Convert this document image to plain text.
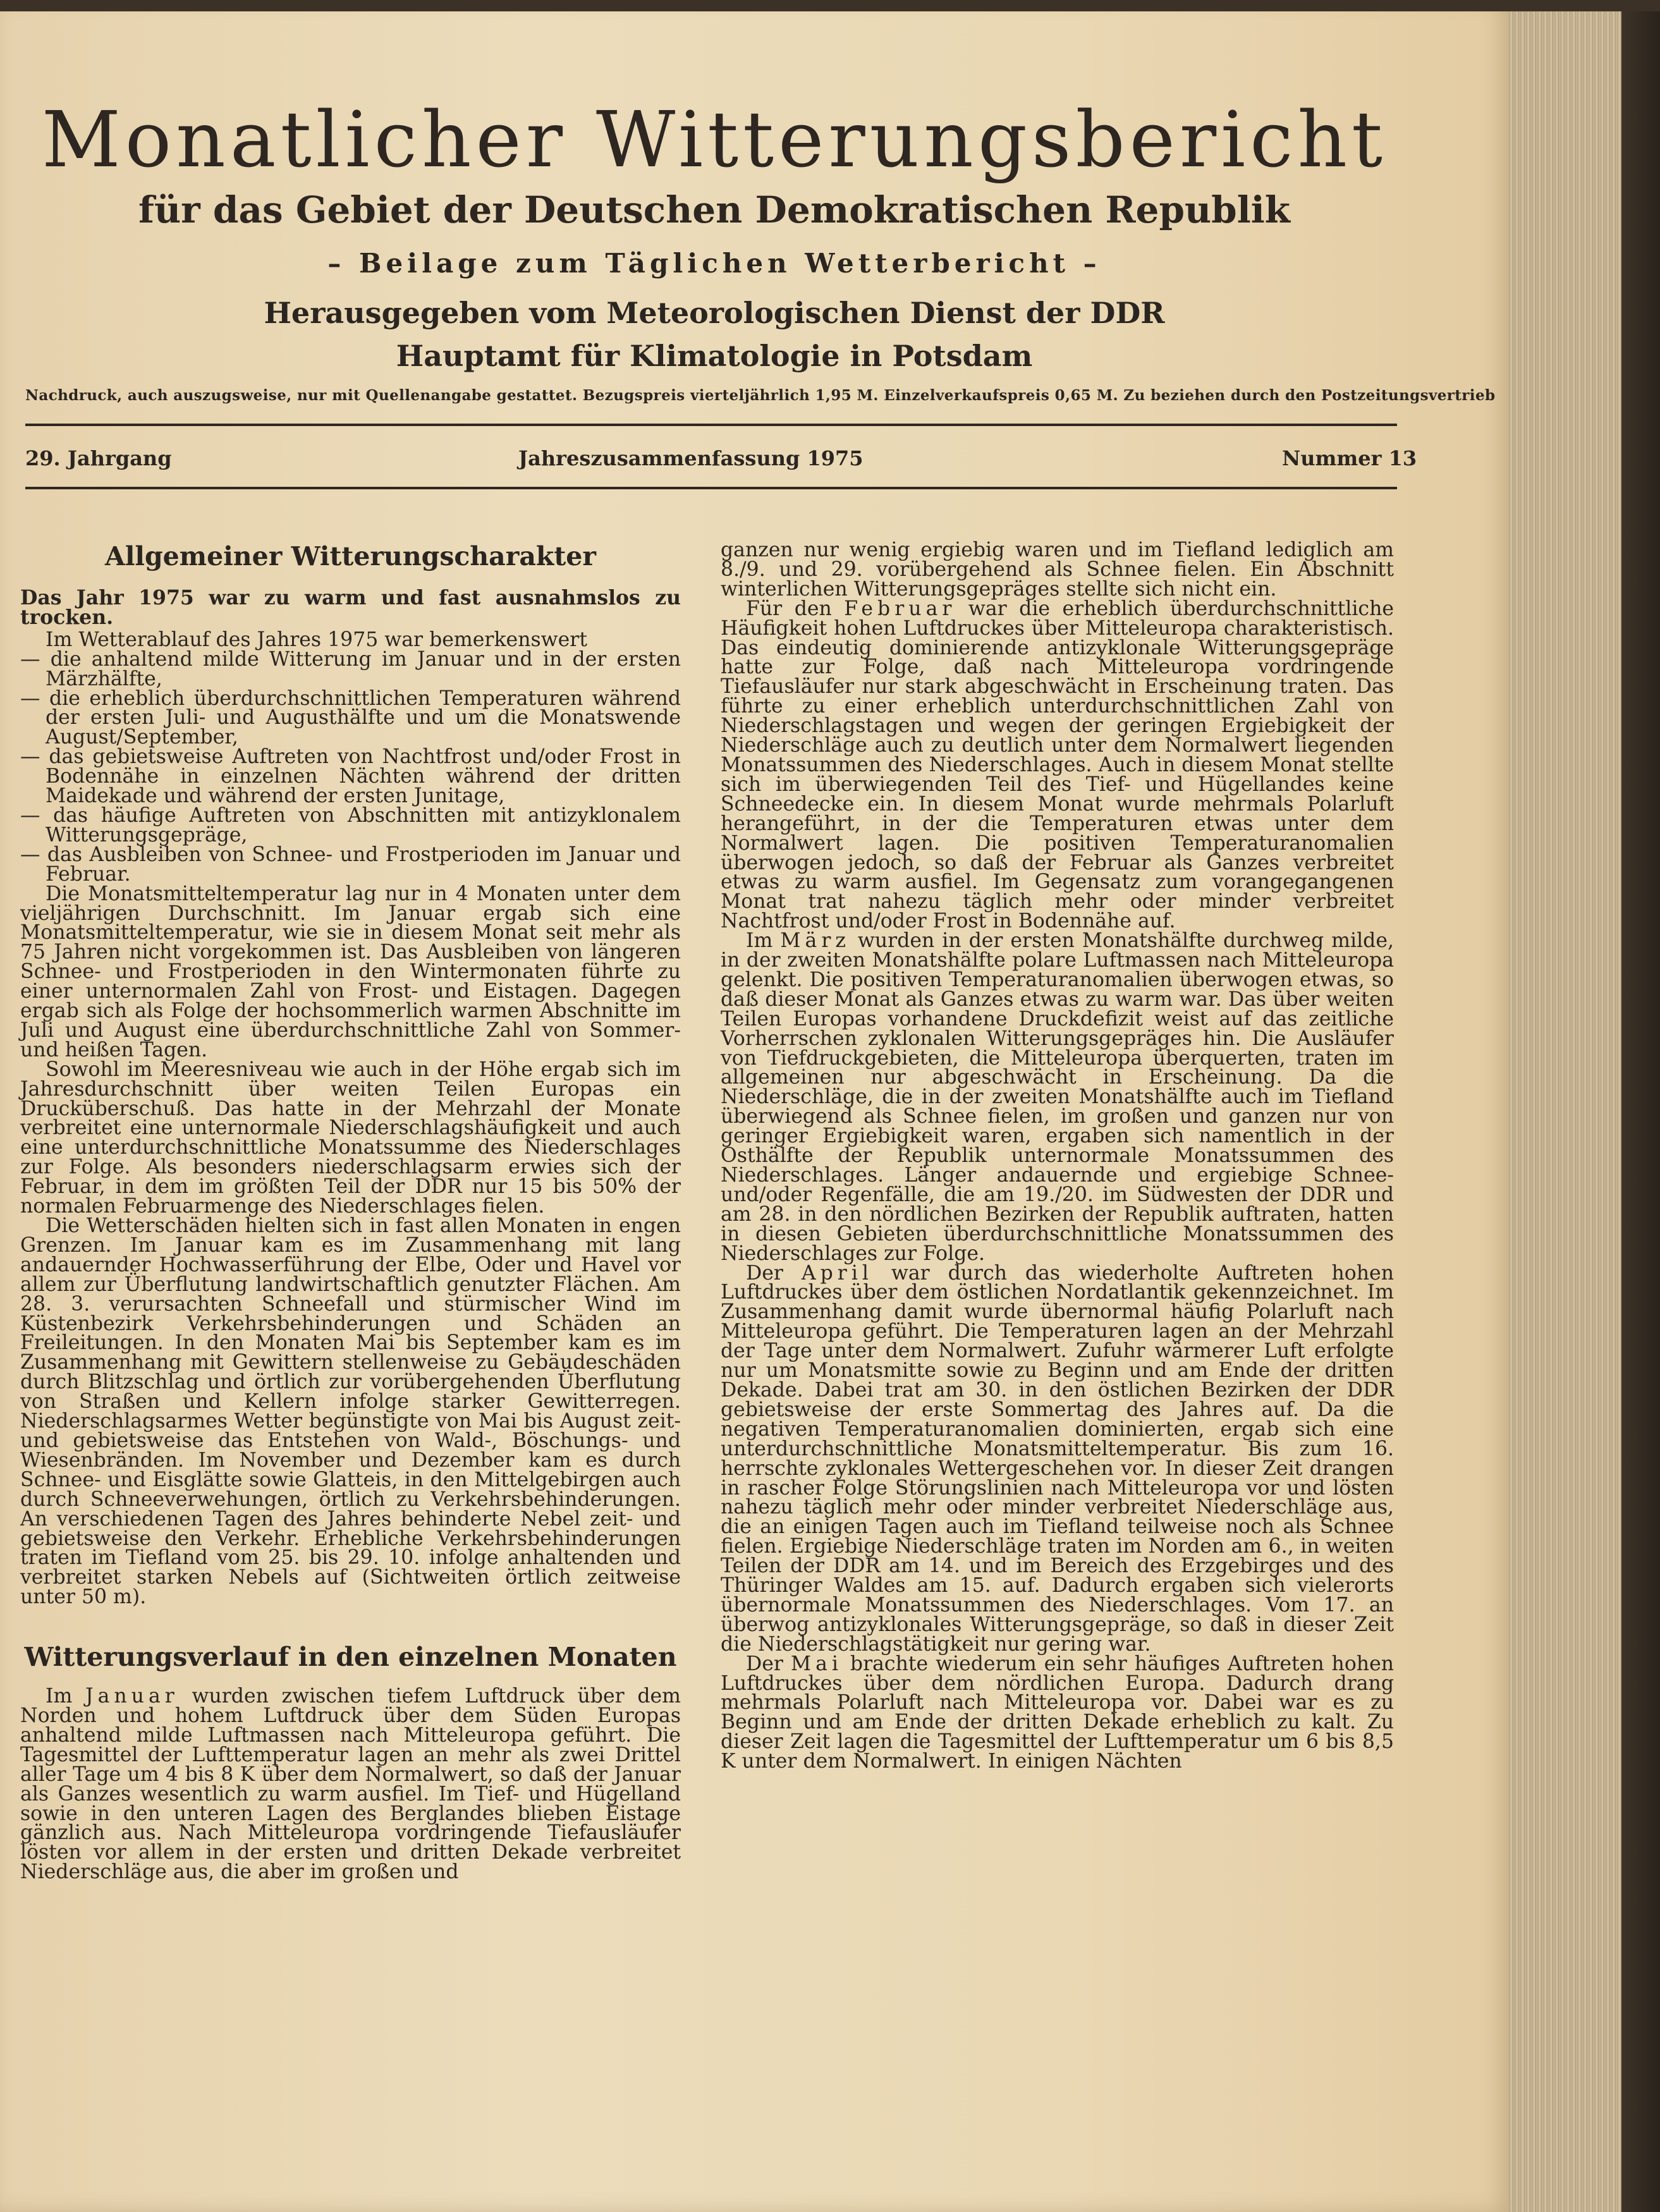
Monatlicher Witterungsbericht
für das Gebiet der Deutschen Demokratischen Republik
– Beilage zum Täglichen Wetterbericht –
Herausgegeben vom Meteorologischen Dienst der DDR
Hauptamt für Klimatologie in Potsdam
Nachdruck, auch auszugsweise, nur mit Quellenangabe gestattet. Bezugspreis vierteljährlich 1,95 M. Einzelverkaufspreis 0,65 M. Zu beziehen durch den Postzeitungsvertrieb
29. Jahrgang	Jahreszusammenfassung 1975	Nummer 13
Allgemeiner Witterungscharakter

Das Jahr 1975 war zu warm und fast ausnahmslos zu trocken.

Im Wetterablauf des Jahres 1975 war bemerkenswert

— die anhaltend milde Witterung im Januar und in der ersten Märzhälfte,

— die erheblich überdurchschnittlichen Temperaturen während der ersten Juli- und Augusthälfte und um die Monatswende August/September,

— das gebietsweise Auftreten von Nachtfrost und/oder Frost in Bodennähe in einzelnen Nächten während der dritten Maidekade und während der ersten Junitage,

— das häufige Auftreten von Abschnitten mit antizyklonalem Witterungsgepräge,

— das Ausbleiben von Schnee- und Frostperioden im Januar und Februar.

Die Monatsmitteltemperatur lag nur in 4 Monaten unter dem vieljährigen Durchschnitt. Im Januar ergab sich eine Monatsmitteltemperatur, wie sie in diesem Monat seit mehr als 75 Jahren nicht vorgekommen ist. Das Ausbleiben von längeren Schnee- und Frostperioden in den Wintermonaten führte zu einer unternormalen Zahl von Frost- und Eistagen. Dagegen ergab sich als Folge der hochsommerlich warmen Abschnitte im Juli und August eine überdurchschnittliche Zahl von Sommer- und heißen Tagen.

Sowohl im Meeresniveau wie auch in der Höhe ergab sich im Jahresdurchschnitt über weiten Teilen Europas ein Drucküberschuß. Das hatte in der Mehrzahl der Monate verbreitet eine unternormale Niederschlagshäufigkeit und auch eine unterdurchschnittliche Monatssumme des Niederschlages zur Folge. Als besonders niederschlagsarm erwies sich der Februar, in dem im größten Teil der DDR nur 15 bis 50% der normalen Februarmenge des Niederschlages fielen.

Die Wetterschäden hielten sich in fast allen Monaten in engen Grenzen. Im Januar kam es im Zusammenhang mit lang andauernder Hochwasserführung der Elbe, Oder und Havel vor allem zur Überflutung landwirtschaftlich genutzter Flächen. Am 28. 3. verursachten Schneefall und stürmischer Wind im Küstenbezirk Verkehrsbehinderungen und Schäden an Freileitungen. In den Monaten Mai bis September kam es im Zusammenhang mit Gewittern stellenweise zu Gebäudeschäden durch Blitzschlag und örtlich zur vorübergehenden Überflutung von Straßen und Kellern infolge starker Gewitterregen. Niederschlagsarmes Wetter begünstigte von Mai bis August zeit- und gebietsweise das Entstehen von Wald-, Böschungs- und Wiesenbränden. Im November und Dezember kam es durch Schnee- und Eisglätte sowie Glatteis, in den Mittelgebirgen auch durch Schneeverwehungen, örtlich zu Verkehrsbehinderungen. An verschiedenen Tagen des Jahres behinderte Nebel zeit- und gebietsweise den Verkehr. Erhebliche Verkehrsbehinderungen traten im Tiefland vom 25. bis 29. 10. infolge anhaltenden und verbreitet starken Nebels auf (Sichtweiten örtlich zeitweise unter 50 m).

Witterungsverlauf in den einzelnen Monaten

Im Januar wurden zwischen tiefem Luftdruck über dem Norden und hohem Luftdruck über dem Süden Europas anhaltend milde Luftmassen nach Mitteleuropa geführt. Die Tagesmittel der Lufttemperatur lagen an mehr als zwei Drittel aller Tage um 4 bis 8 K über dem Normalwert, so daß der Januar als Ganzes wesentlich zu warm ausfiel. Im Tief- und Hügelland sowie in den unteren Lagen des Berglandes blieben Eistage gänzlich aus. Nach Mitteleuropa vordringende Tiefausläufer lösten vor allem in der ersten und dritten Dekade verbreitet Niederschläge aus, die aber im großen und

ganzen nur wenig ergiebig waren und im Tiefland lediglich am 8./9. und 29. vorübergehend als Schnee fielen. Ein Abschnitt winterlichen Witterungsgepräges stellte sich nicht ein.

Für den Februar war die erheblich überdurchschnittliche Häufigkeit hohen Luftdruckes über Mitteleuropa charakteristisch. Das eindeutig dominierende antizyklonale Witterungsgepräge hatte zur Folge, daß nach Mitteleuropa vordringende Tiefausläufer nur stark abgeschwächt in Erscheinung traten. Das führte zu einer erheblich unterdurchschnittlichen Zahl von Niederschlagstagen und wegen der geringen Ergiebigkeit der Niederschläge auch zu deutlich unter dem Normalwert liegenden Monatssummen des Niederschlages. Auch in diesem Monat stellte sich im überwiegenden Teil des Tief- und Hügellandes keine Schneedecke ein. In diesem Monat wurde mehrmals Polarluft herangeführt, in der die Temperaturen etwas unter dem Normalwert lagen. Die positiven Temperaturanomalien überwogen jedoch, so daß der Februar als Ganzes verbreitet etwas zu warm ausfiel. Im Gegensatz zum vorangegangenen Monat trat nahezu täglich mehr oder minder verbreitet Nachtfrost und/oder Frost in Bodennähe auf.

Im März wurden in der ersten Monatshälfte durchweg milde, in der zweiten Monatshälfte polare Luftmassen nach Mitteleuropa gelenkt. Die positiven Temperaturanomalien überwogen etwas, so daß dieser Monat als Ganzes etwas zu warm war. Das über weiten Teilen Europas vorhandene Druckdefizit weist auf das zeitliche Vorherrschen zyklonalen Witterungsgepräges hin. Die Ausläufer von Tiefdruckgebieten, die Mitteleuropa überquerten, traten im allgemeinen nur abgeschwächt in Erscheinung. Da die Niederschläge, die in der zweiten Monatshälfte auch im Tiefland überwiegend als Schnee fielen, im großen und ganzen nur von geringer Ergiebigkeit waren, ergaben sich namentlich in der Osthälfte der Republik unternormale Monatssummen des Niederschlages. Länger andauernde und ergiebige Schnee- und/oder Regenfälle, die am 19./20. im Südwesten der DDR und am 28. in den nördlichen Bezirken der Republik auftraten, hatten in diesen Gebieten überdurchschnittliche Monatssummen des Niederschlages zur Folge.

Der April war durch das wiederholte Auftreten hohen Luftdruckes über dem östlichen Nordatlantik gekennzeichnet. Im Zusammenhang damit wurde übernormal häufig Polarluft nach Mitteleuropa geführt. Die Temperaturen lagen an der Mehrzahl der Tage unter dem Normalwert. Zufuhr wärmerer Luft erfolgte nur um Monatsmitte sowie zu Beginn und am Ende der dritten Dekade. Dabei trat am 30. in den östlichen Bezirken der DDR gebietsweise der erste Sommertag des Jahres auf. Da die negativen Temperaturanomalien dominierten, ergab sich eine unterdurchschnittliche Monatsmitteltemperatur. Bis zum 16. herrschte zyklonales Wettergeschehen vor. In dieser Zeit drangen in rascher Folge Störungslinien nach Mitteleuropa vor und lösten nahezu täglich mehr oder minder verbreitet Niederschläge aus, die an einigen Tagen auch im Tiefland teilweise noch als Schnee fielen. Ergiebige Niederschläge traten im Norden am 6., in weiten Teilen der DDR am 14. und im Bereich des Erzgebirges und des Thüringer Waldes am 15. auf. Dadurch ergaben sich vielerorts übernormale Monatssummen des Niederschlages. Vom 17. an überwog antizyklonales Witterungsgepräge, so daß in dieser Zeit die Niederschlagstätigkeit nur gering war.

Der Mai brachte wiederum ein sehr häufiges Auftreten hohen Luftdruckes über dem nördlichen Europa. Dadurch drang mehrmals Polarluft nach Mitteleuropa vor. Dabei war es zu Beginn und am Ende der dritten Dekade erheblich zu kalt. Zu dieser Zeit lagen die Tagesmittel der Lufttemperatur um 6 bis 8,5 K unter dem Normalwert. In einigen Nächten
